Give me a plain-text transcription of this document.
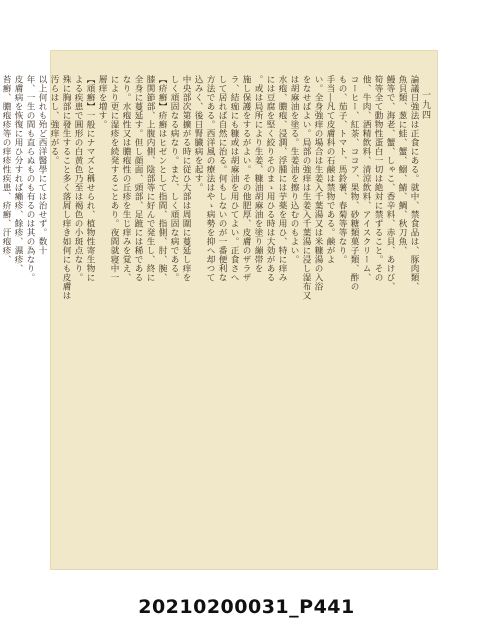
論議日強法は正食にある。就中、禁食品は、豚肉類、
魚貝類、葱に蛙、蟹、鰯、鯖、鯛、秋刀魚、
鰻等で、海老、蟹、しゃこ、香辛料、赤貝、あけび、
筍等全て動物性蛋白一切は絶対に禁ずること。その
他、牛肉、酒精飲料、清涼飲料、アイスクリーム、
コーヒー、紅茶、ココア、果物、砂糖類菓子類、酢の
もの、茄子、トマト、馬鈴薯、春菊等等なり。
手当―凡て皮膚科の石鹸は禁物である。鹸がよ
い。全身強痒の場合は生姜入千葉湯又は米糠湯の入浴
をなせばよい。局部の強痒は生姜入千葉湯に浸し湿布又
は胡麻油を塗る。生姜油を擦り込むのもよい。
水疱、膿疱、浸潤、浮腫には芋薬を用ひ、特に痒み
には豆腐を堅く絞りそのまゝ用ひる時は大効がある
。或は局所により生姜、糠油胡麻油を塗り繃帯を
施し保護をするがよい。その他肥厚、皮膚のザラザ
ラ、結痂にも糠或は胡麻油を用ひてよい。正食さへ
して居れば自然に治る。何もしないのが一番便利な
方法である。西洋風の療法はやゝ病勢を抑へ却つて
込みく、後日腎臓病を起す。
中央部次第擴がる時に従ひ大部は周圍に蔓延し痒を
しく頑固なる病なり。また、しく頑固な病である。
【疥癬】疥癬はヒゼンとして指間、指側、肘、腕、
膝関節部、上腹内側、陰部等に好んで発生し、終に
全身に蔓延す。但し顔面、頭部、足蹠には稀である
なり。水疱性又は膿疱性の丘疹を生じ痒みを覚え、
により更に湿疹を続発することあり。夜間就寝中一
層痒を増す。
【頑癬】一般にナマズと稱せられ、植物性寄生物に
よる疾患で圓形の白黄色乃至は褐色の小斑点なり。
殊に胸部に發生すること多く落屑し痒き如何にも皮膚は
汚らはし、強痒がる。
以上何れも殆ど西洋醫學にては治せず。数十
年、一生の間も直らぬものも有るのは其の為なり。
皮膚病を恢復に用ひ分すれば癩疹、餘疹、濕疹、
苔癬、膿疱疹等の痒疹性疾患、疥癬、汗疱疹、	一九四
20210200031_P441
